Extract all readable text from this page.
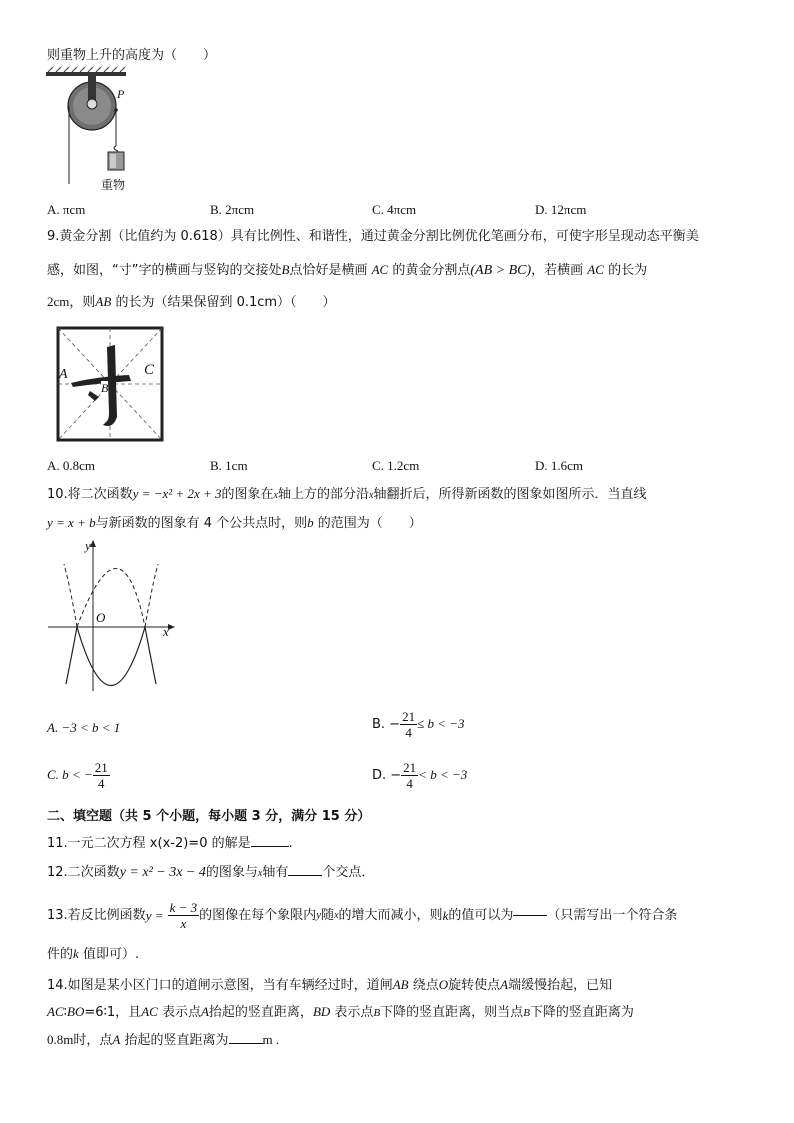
则重物上升的高度为（　　）
P
重物
A. πcm	B. 2πcm	C. 4πcm	D. 12πcm
9.黄金分割（比值约为 0.618）具有比例性、和谐性，通过黄金分割比例优化笔画分布，可使字形呈现动态平衡美
感，如图，“寸”字的横画与竖钩的交接处B点恰好是横画 AC 的黄金分割点(AB > BC)，若横画 AC 的长为
2cm，则AB 的长为（结果保留到 0.1cm）（　　）
A
B
C
A. 0.8cm	B. 1cm	C. 1.2cm	D. 1.6cm
10.将二次函数y = −x² + 2x + 3的图象在x轴上方的部分沿x轴翻折后，所得新函数的图象如图所示．当直线
y = x + b与新函数的图象有 4 个公共点时，则b 的范围为（　　）
y
O
x
A. −3 < b < 1	B. − $\frac{21}{4} \le b < -3$
C. b < − $\frac{21}{4}$	D. − $\frac{21}{4} < b < -3$
二、填空题（共 5 个小题，每小题 3 分，满分 15 分）
11.一元二次方程 x(x-2)=0 的解是	.
12.二次函数y = x² − 3x − 4的图象与x轴有	个交点．
13.若反比例函数$y = \frac{k - 3}{x}$ 的图像在每个象限内y随x的增大而减小，则k的值可以为	（只需写出一个符合条
件的k 值即可）.
14.如图是某小区门口的道闸示意图，当有车辆经过时，道闸AB 绕点O旋转使点A端缓慢抬起，已知
AC∶BO=6∶1，且AC 表示点A抬起的竖直距离，BD 表示点B下降的竖直距离，则当点B下降的竖直距离为
0.8m时，点A 抬起的竖直距离为	m .
